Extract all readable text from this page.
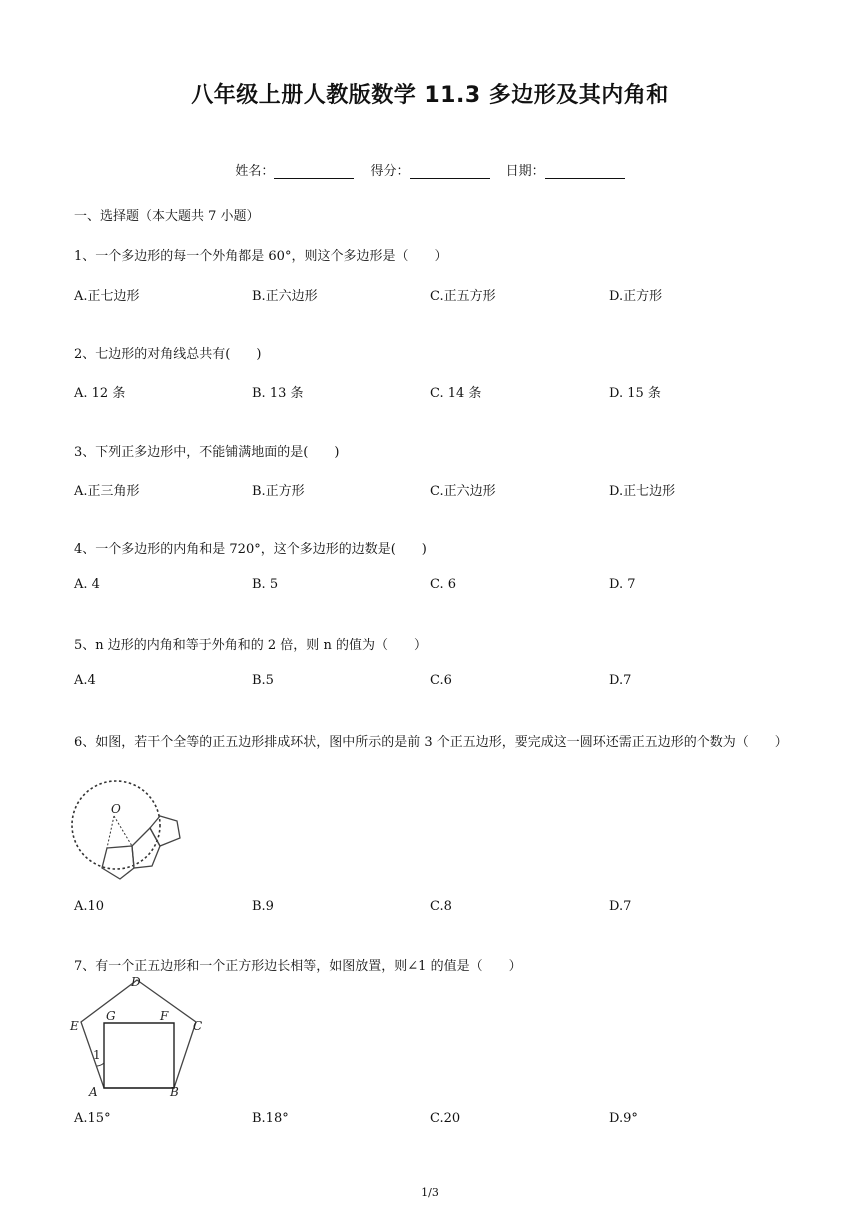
八年级上册人教版数学 11.3 多边形及其内角和
姓名：	得分：	日期：
一、选择题（本大题共 7 小题）
1、一个多边形的每一个外角都是 60°，则这个多边形是（　　）
A.正七边形	B.正六边形	C.正五方形	D.正方形
2、七边形的对角线总共有(　　)
A. 12 条	B. 13 条	C. 14 条	D. 15 条
3、下列正多边形中，不能铺满地面的是(　　)
A.正三角形	B.正方形	C.正六边形	D.正七边形
4、一个多边形的内角和是 720°，这个多边形的边数是(　　)
A. 4	B. 5	C. 6	D. 7
5、n 边形的内角和等于外角和的 2 倍，则 n 的值为（　　）
A.4	B.5	C.6	D.7
6、如图，若干个全等的正五边形排成环状，图中所示的是前 3 个正五边形，要完成这一圆环还需正五边形的个数为（　　）
O
A.10	B.9	C.8	D.7
7、有一个正五边形和一个正方形边长相等，如图放置，则∠1 的值是（　　）
1
A	B
C
D
E
F
G
A.15°	B.18°	C.20	D.9°
1/3
